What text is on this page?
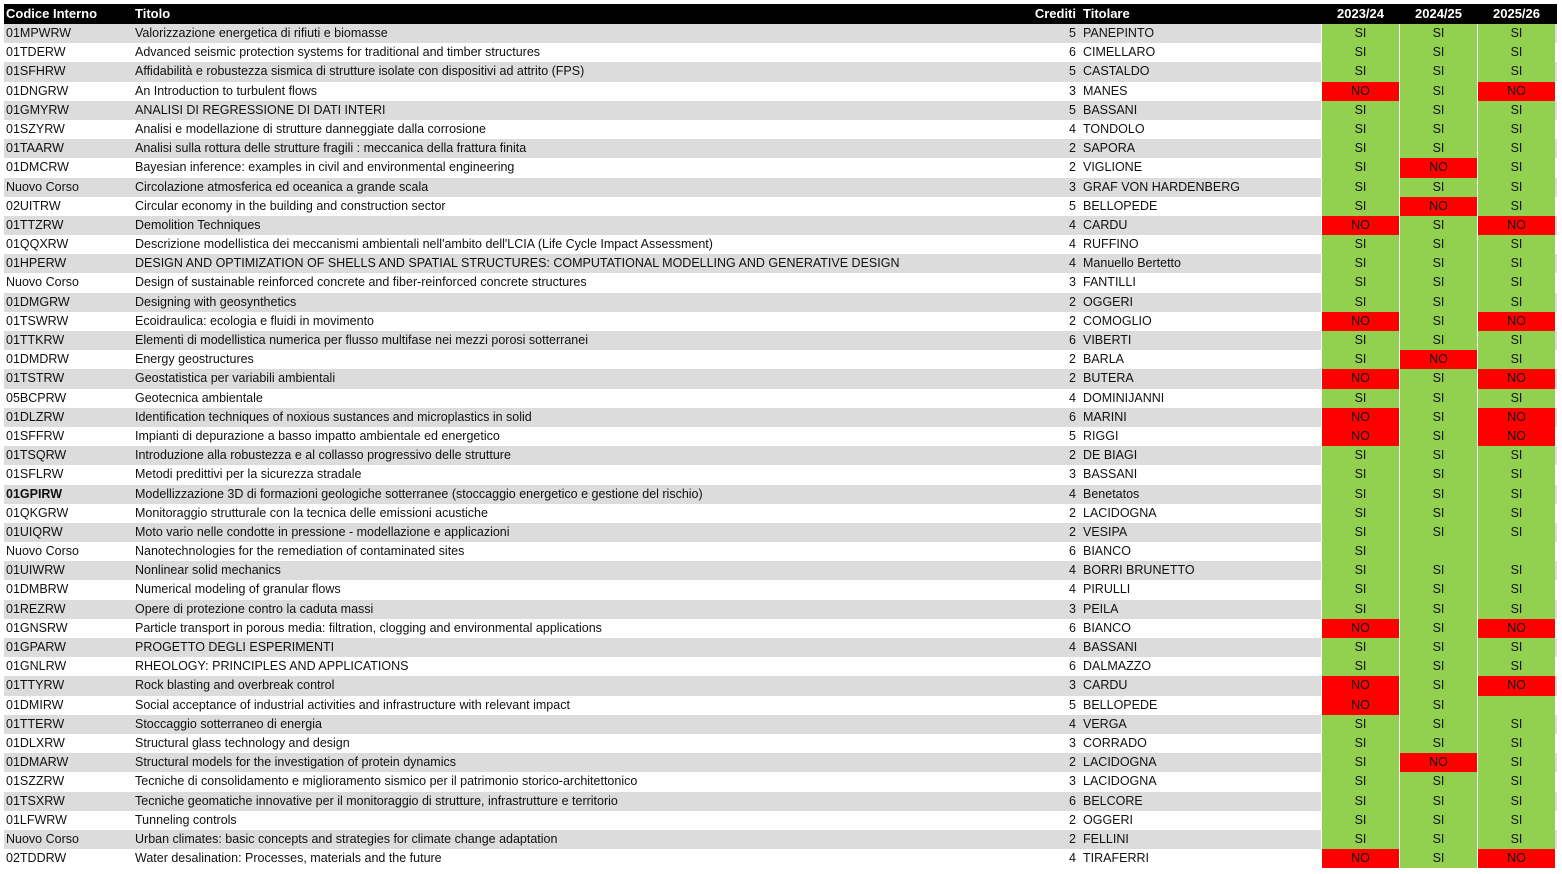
Codice Interno	Titolo	Crediti Titolare	2023/24	2024/25	2025/26
01MPWRW	Valorizzazione energetica di rifiuti e biomasse	5 PANEPINTO	SI	SI	SI
01TDERW	Advanced seismic protection systems for traditional and timber structures	6 CIMELLARO	SI	SI	SI
01SFHRW	Affidabilità e robustezza sismica di strutture isolate con dispositivi ad attrito (FPS)	5 CASTALDO	SI	SI	SI
01DNGRW	An Introduction to turbulent flows	3 MANES	NO	SI	NO
01GMYRW	ANALISI DI REGRESSIONE DI DATI INTERI	5 BASSANI	SI	SI	SI
01SZYRW	Analisi e modellazione di strutture danneggiate dalla corrosione	4 TONDOLO	SI	SI	SI
01TAARW	Analisi sulla rottura delle strutture fragili : meccanica della frattura finita	2 SAPORA	SI	SI	SI
01DMCRW	Bayesian inference: examples in civil and environmental engineering	2 VIGLIONE	SI	NO	SI
Nuovo Corso	Circolazione atmosferica ed oceanica a grande scala	3 GRAF VON HARDENBERG	SI	SI	SI
02UITRW	Circular economy in the building and construction sector	5 BELLOPEDE	SI	NO	SI
01TTZRW	Demolition Techniques	4 CARDU	NO	SI	NO
01QQXRW	Descrizione modellistica dei meccanismi ambientali nell'ambito dell'LCIA (Life Cycle Impact Assessment)	4 RUFFINO	SI	SI	SI
01HPERW	DESIGN AND OPTIMIZATION OF SHELLS AND SPATIAL STRUCTURES: COMPUTATIONAL MODELLING AND GENERATIVE DESIGN	4 Manuello Bertetto	SI	SI	SI
Nuovo Corso	Design of sustainable reinforced concrete and fiber-reinforced concrete structures	3 FANTILLI	SI	SI	SI
01DMGRW	Designing with geosynthetics	2 OGGERI	SI	SI	SI
01TSWRW	Ecoidraulica: ecologia e fluidi in movimento	2 COMOGLIO	NO	SI	NO
01TTKRW	Elementi di modellistica numerica per flusso multifase nei mezzi porosi sotterranei	6 VIBERTI	SI	SI	SI
01DMDRW	Energy geostructures	2 BARLA	SI	NO	SI
01TSTRW	Geostatistica per variabili ambientali	2 BUTERA	NO	SI	NO
05BCPRW	Geotecnica ambientale	4 DOMINIJANNI	SI	SI	SI
01DLZRW	Identification techniques of noxious sustances and microplastics in solid	6 MARINI	NO	SI	NO
01SFFRW	Impianti di depurazione a basso impatto ambientale ed energetico	5 RIGGI	NO	SI	NO
01TSQRW	Introduzione alla robustezza e al collasso progressivo delle strutture	2 DE BIAGI	SI	SI	SI
01SFLRW	Metodi predittivi per la sicurezza stradale	3 BASSANI	SI	SI	SI
01GPIRW	Modellizzazione 3D di formazioni geologiche sotterranee (stoccaggio energetico e gestione del rischio)	4 Benetatos	SI	SI	SI
01QKGRW	Monitoraggio strutturale con la tecnica delle emissioni acustiche	2 LACIDOGNA	SI	SI	SI
01UIQRW	Moto vario nelle condotte in pressione - modellazione e applicazioni	2 VESIPA	SI	SI	SI
Nuovo Corso	Nanotechnologies for the remediation of contaminated sites	6 BIANCO	SI
01UIWRW	Nonlinear solid mechanics	4 BORRI BRUNETTO	SI	SI	SI
01DMBRW	Numerical modeling of granular flows	4 PIRULLI	SI	SI	SI
01REZRW	Opere di protezione contro la caduta massi	3 PEILA	SI	SI	SI
01GNSRW	Particle transport in porous media: filtration, clogging and environmental applications	6 BIANCO	NO	SI	NO
01GPARW	PROGETTO DEGLI ESPERIMENTI	4 BASSANI	SI	SI	SI
01GNLRW	RHEOLOGY: PRINCIPLES AND APPLICATIONS	6 DALMAZZO	SI	SI	SI
01TTYRW	Rock blasting and overbreak control	3 CARDU	NO	SI	NO
01DMIRW	Social acceptance of industrial activities and infrastructure with relevant impact	5 BELLOPEDE	NO	SI
01TTERW	Stoccaggio sotterraneo di energia	4 VERGA	SI	SI	SI
01DLXRW	Structural glass technology and design	3 CORRADO	SI	SI	SI
01DMARW	Structural models for the investigation of protein dynamics	2 LACIDOGNA	SI	NO	SI
01SZZRW	Tecniche di consolidamento e miglioramento sismico per il patrimonio storico-architettonico	3 LACIDOGNA	SI	SI	SI
01TSXRW	Tecniche geomatiche innovative per il monitoraggio di strutture, infrastrutture e territorio	6 BELCORE	SI	SI	SI
01LFWRW	Tunneling controls	2 OGGERI	SI	SI	SI
Nuovo Corso	Urban climates: basic concepts and strategies for climate change adaptation	2 FELLINI	SI	SI	SI
02TDDRW	Water desalination: Processes, materials and the future	4 TIRAFERRI	NO	SI	NO
